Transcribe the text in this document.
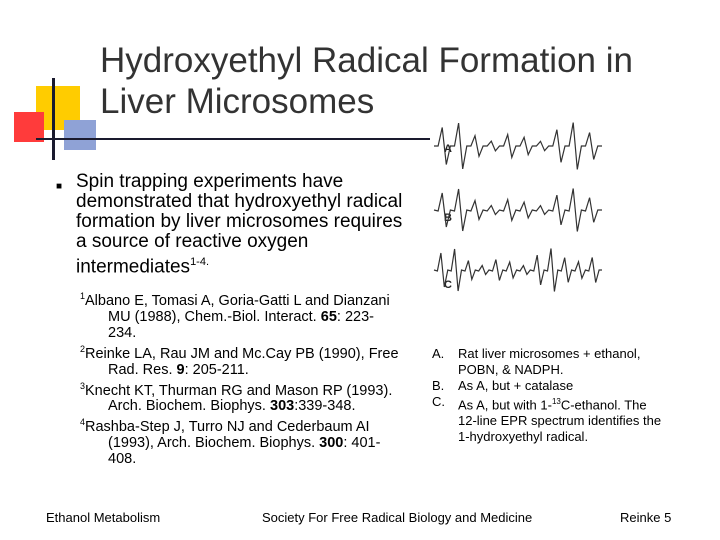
Hydroxyethyl Radical Formation in
Liver Microsomes
■ Spin trapping experiments have demonstrated that hydroxyethyl radical formation by liver microsomes requires a source of reactive oxygen intermediates$^{1-4.}$

$^1$Albano E, Tomasi A, Goria-Gatti L and Dianzani MU (1988), Chem.-Biol. Interact. 65: 223-234.

$^2$Reinke LA, Rau JM and Mc.Cay PB (1990), Free Rad. Res. 9: 205-211.

$^3$Knecht KT, Thurman RG and Mason RP (1993). Arch. Biochem. Biophys. 303:339-348.

$^4$Rashba-Step J, Turro NJ and Cederbaum AI (1993), Arch. Biochem. Biophys. 300: 401-408.

A
B
C
A. Rat liver microsomes + ethanol, POBN, & NADPH.
B. As A, but + catalase
C. As A, but with 1-$^{13}$C-ethanol. The 12-line EPR spectrum identifies the 1-hydroxyethyl radical.
Ethanol Metabolism	Society For Free Radical Biology and Medicine	Reinke 5
